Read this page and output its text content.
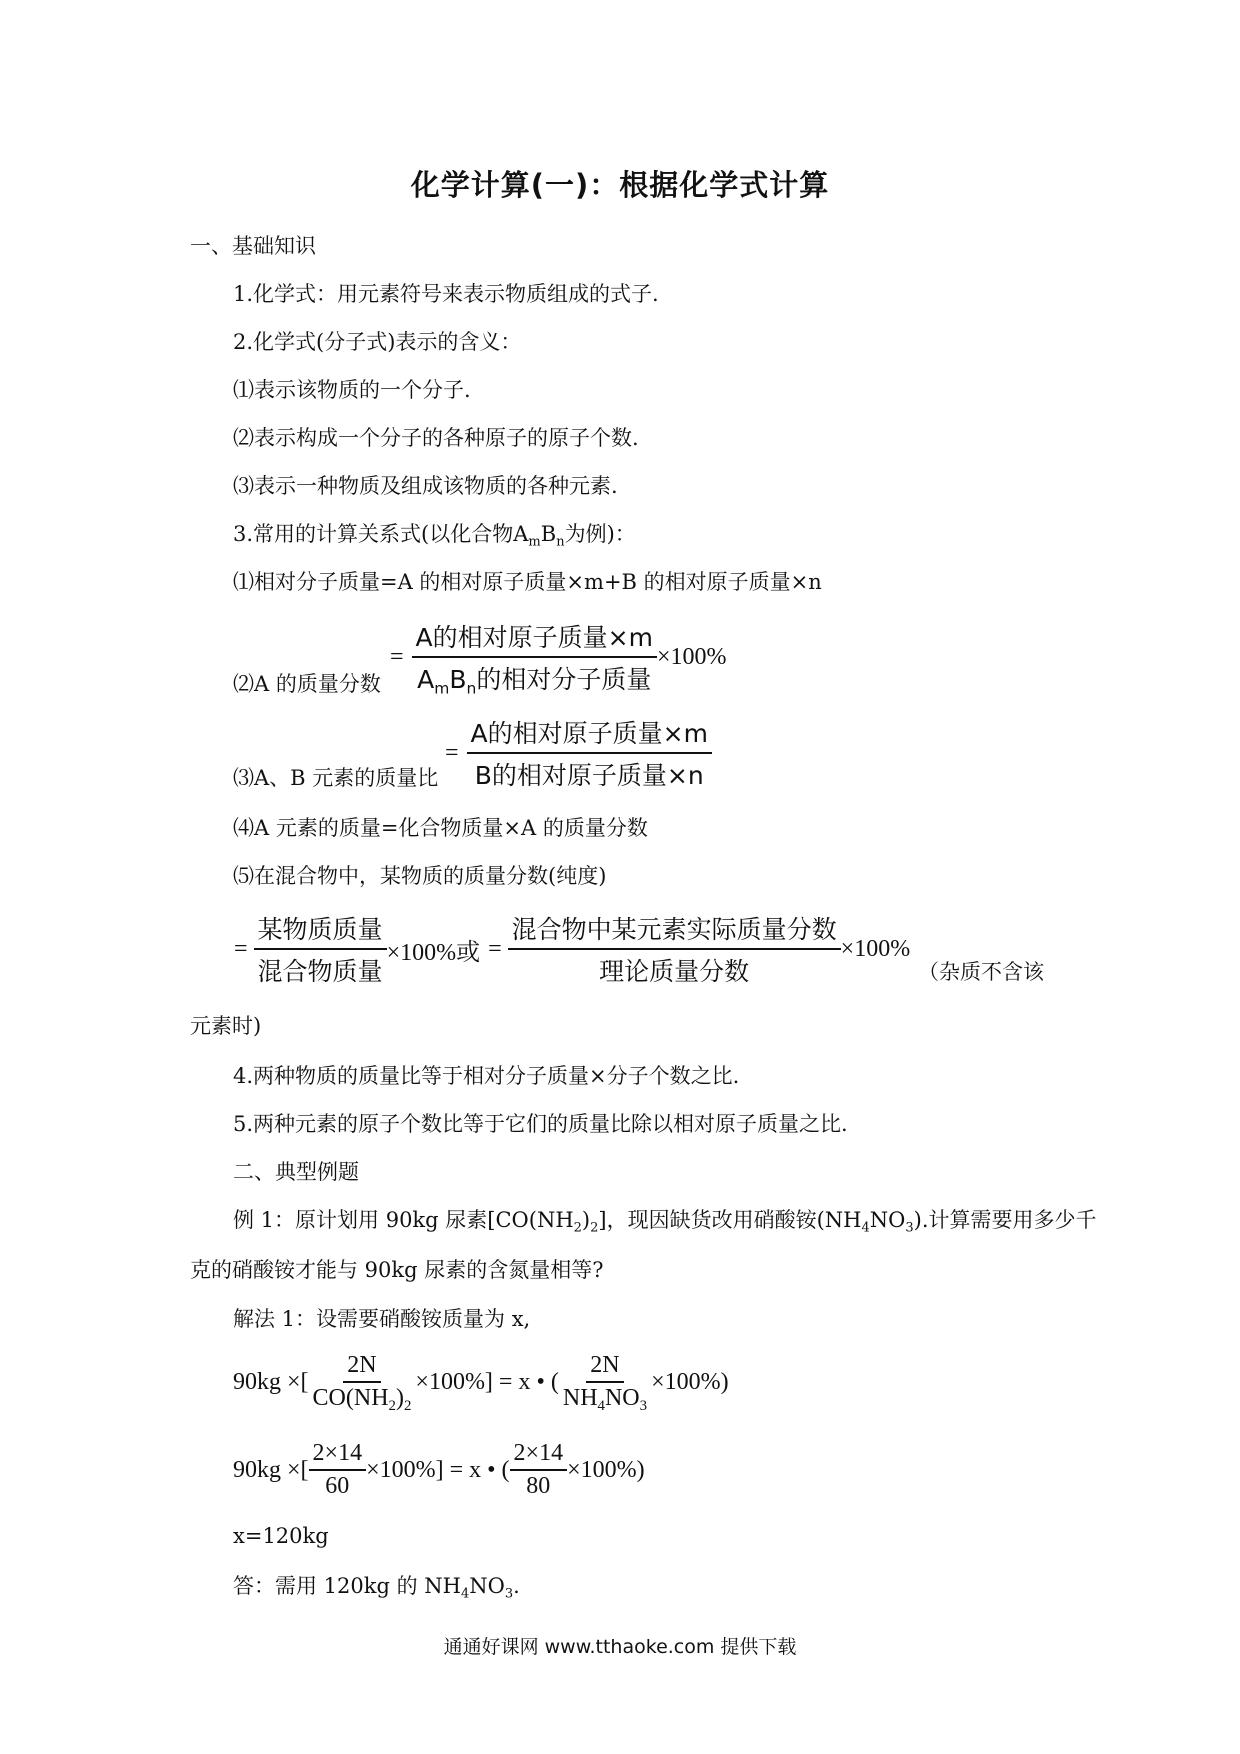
化学计算(一)：根据化学式计算
一、基础知识
1.化学式：用元素符号来表示物质组成的式子.
2.化学式(分子式)表示的含义：
⑴表示该物质的一个分子.
⑵表示构成一个分子的各种原子的原子个数.
⑶表示一种物质及组成该物质的各种元素.
3.常用的计算关系式(以化合物$A_mB_n$为例)：
⑴相对分子质量=A 的相对原子质量×m+B 的相对原子质量×n
⑵A 的质量分数
= $\frac{\text{A的相对原子质量×m}}{A_mB_n的相对分子质量} \times 100\%$
⑶A、B 元素的质量比
= $\frac{\text{A的相对原子质量×m}}{\text{B的相对原子质量×n}}$
⑷A 元素的质量=化合物质量×A 的质量分数
⑸在混合物中，某物质的质量分数(纯度)
= $\frac{\text{某物质质量}}{\text{混合物质量}} \times 100\%$或 = $\frac{\text{混合物中某元素实际质量分数}}{\text{理论质量分数}} \times 100\%$
（杂质不含该
元素时)
4.两种物质的质量比等于相对分子质量×分子个数之比.
5.两种元素的原子个数比等于它们的质量比除以相对原子质量之比.
二、典型例题
例 1：原计划用 90kg 尿素$[CO(NH_2)_2]$，现因缺货改用硝酸铵$(NH_4NO_3)$.计算需要用多少千
克的硝酸铵才能与 90kg 尿素的含氮量相等?
解法 1：设需要硝酸铵质量为 x,
90kg ×[ $\frac{2N}{CO(NH_2)_2} \times 100\%] = x$ • ( $\frac{2N}{NH_4NO_3} \times 100\%$)
90kg ×[ $\frac{2\times 14}{60} \times 100\%] = x$ • ( $\frac{2\times 14}{80} \times 100\%$)
x=120kg
答：需用 120kg 的 $NH_4NO_3$.
通通好课网 www.tthaoke.com 提供下载
